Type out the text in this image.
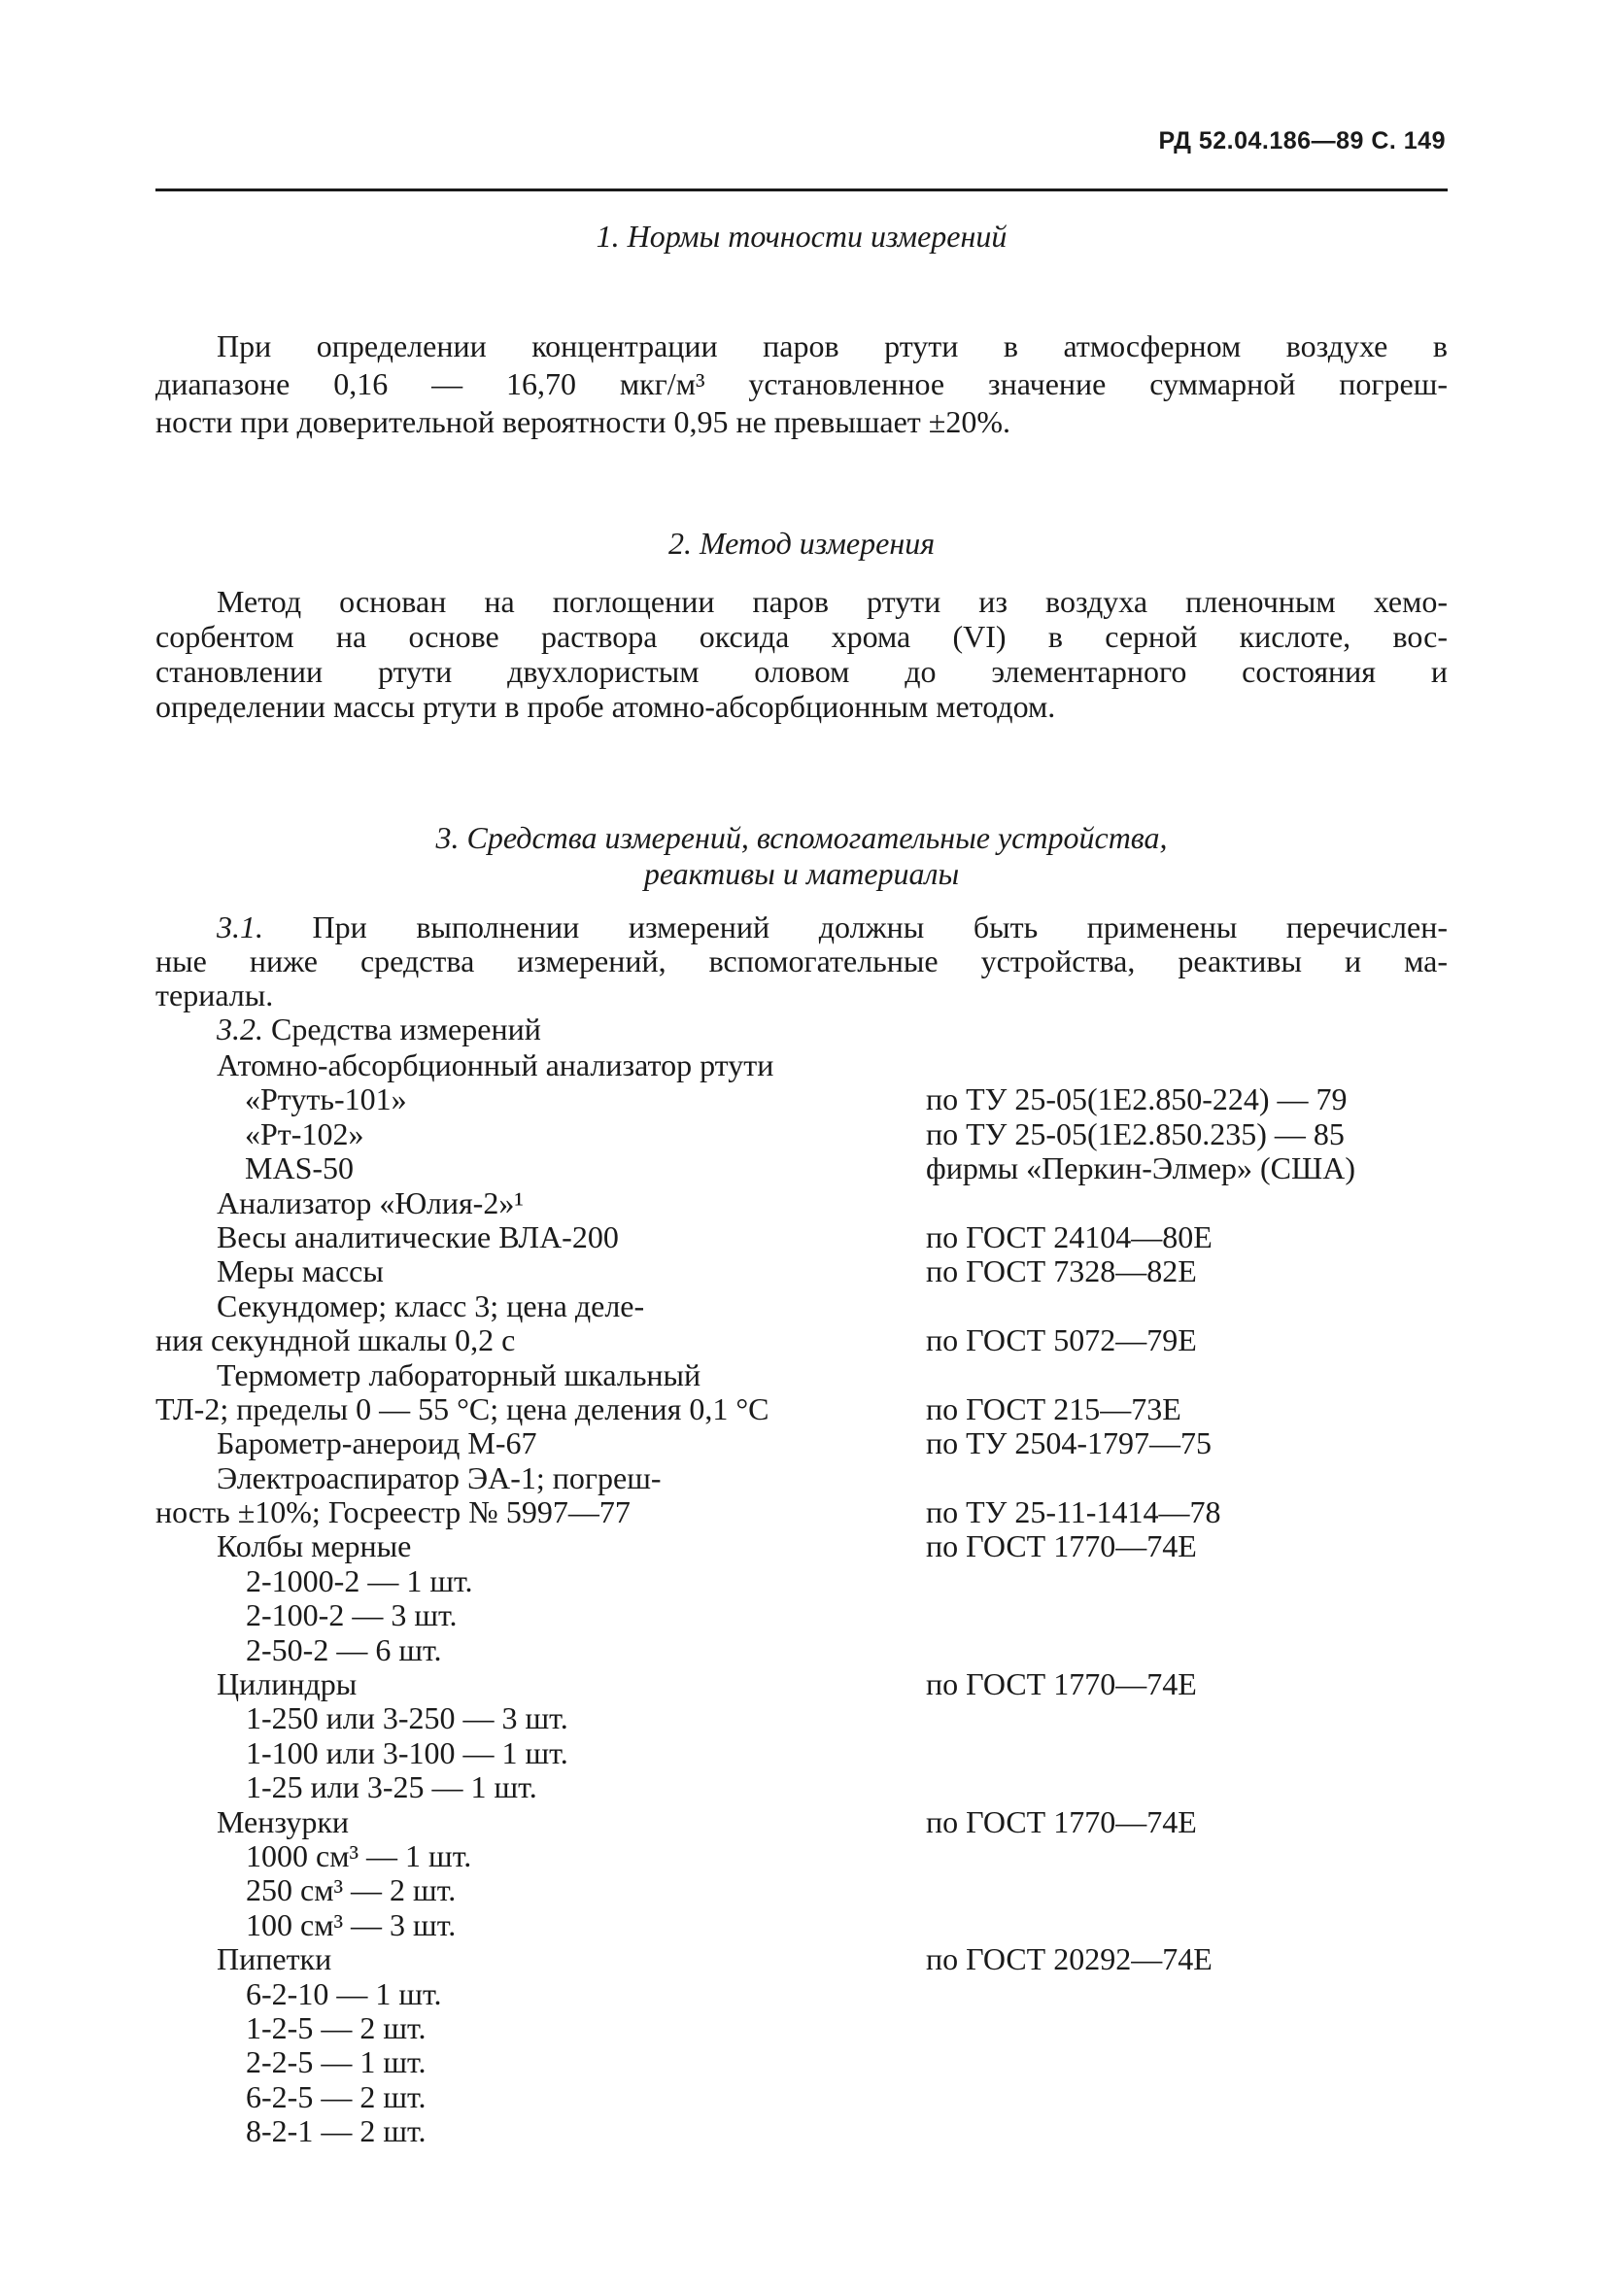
РД 52.04.186—89 С. 149
1. Нормы точности измерений
При определении концентрации паров ртути в атмосферном воздухе в
диапазоне 0,16 — 16,70 мкг/м³ установленное значение суммарной погреш-
ности при доверительной вероятности 0,95 не превышает ±20%.
2. Метод измерения
Метод основан на поглощении паров ртути из воздуха пленочным хемо-
сорбентом на основе раствора оксида хрома (VI) в серной кислоте, вос-
становлении ртути двухлористым оловом до элементарного состояния и
определении массы ртути в пробе атомно-абсорбционным методом.
3. Средства измерений, вспомогательные устройства,
реактивы и материалы
3.1. При выполнении измерений должны быть применены перечислен-
ные ниже средства измерений, вспомогательные устройства, реактивы и ма-
териалы.
3.2. Средства измерений
Атомно-абсорбционный анализатор ртути
«Ртуть-101»	по ТУ 25-05(1Е2.850-224) — 79
«Рт-102»	по ТУ 25-05(1Е2.850.235) — 85
MAS-50	фирмы «Перкин-Элмер» (США)
Анализатор «Юлия-2»¹
Весы аналитические ВЛА-200	по ГОСТ 24104—80Е
Меры массы	по ГОСТ 7328—82Е
Секундомер; класс 3; цена деле-
ния секундной шкалы 0,2 с	по ГОСТ 5072—79Е
Термометр лабораторный шкальный
ТЛ-2; пределы 0 — 55 °С; цена деления 0,1 °С	по ГОСТ 215—73Е
Барометр-анероид М-67	по ТУ 2504-1797—75
Электроаспиратор ЭА-1; погреш-
ность ±10%; Госреестр № 5997—77	по ТУ 25-11-1414—78
Колбы мерные	по ГОСТ 1770—74Е
2-1000-2 — 1 шт.
2-100-2 — 3 шт.
2-50-2 — 6 шт.
Цилиндры	по ГОСТ 1770—74Е
1-250 или 3-250 — 3 шт.
1-100 или 3-100 — 1 шт.
1-25 или 3-25 — 1 шт.
Мензурки	по ГОСТ 1770—74Е
1000 см³ — 1 шт.
250 см³ — 2 шт.
100 см³ — 3 шт.
Пипетки	по ГОСТ 20292—74Е
6-2-10 — 1 шт.
1-2-5 — 2 шт.
2-2-5 — 1 шт.
6-2-5 — 2 шт.
8-2-1 — 2 шт.
